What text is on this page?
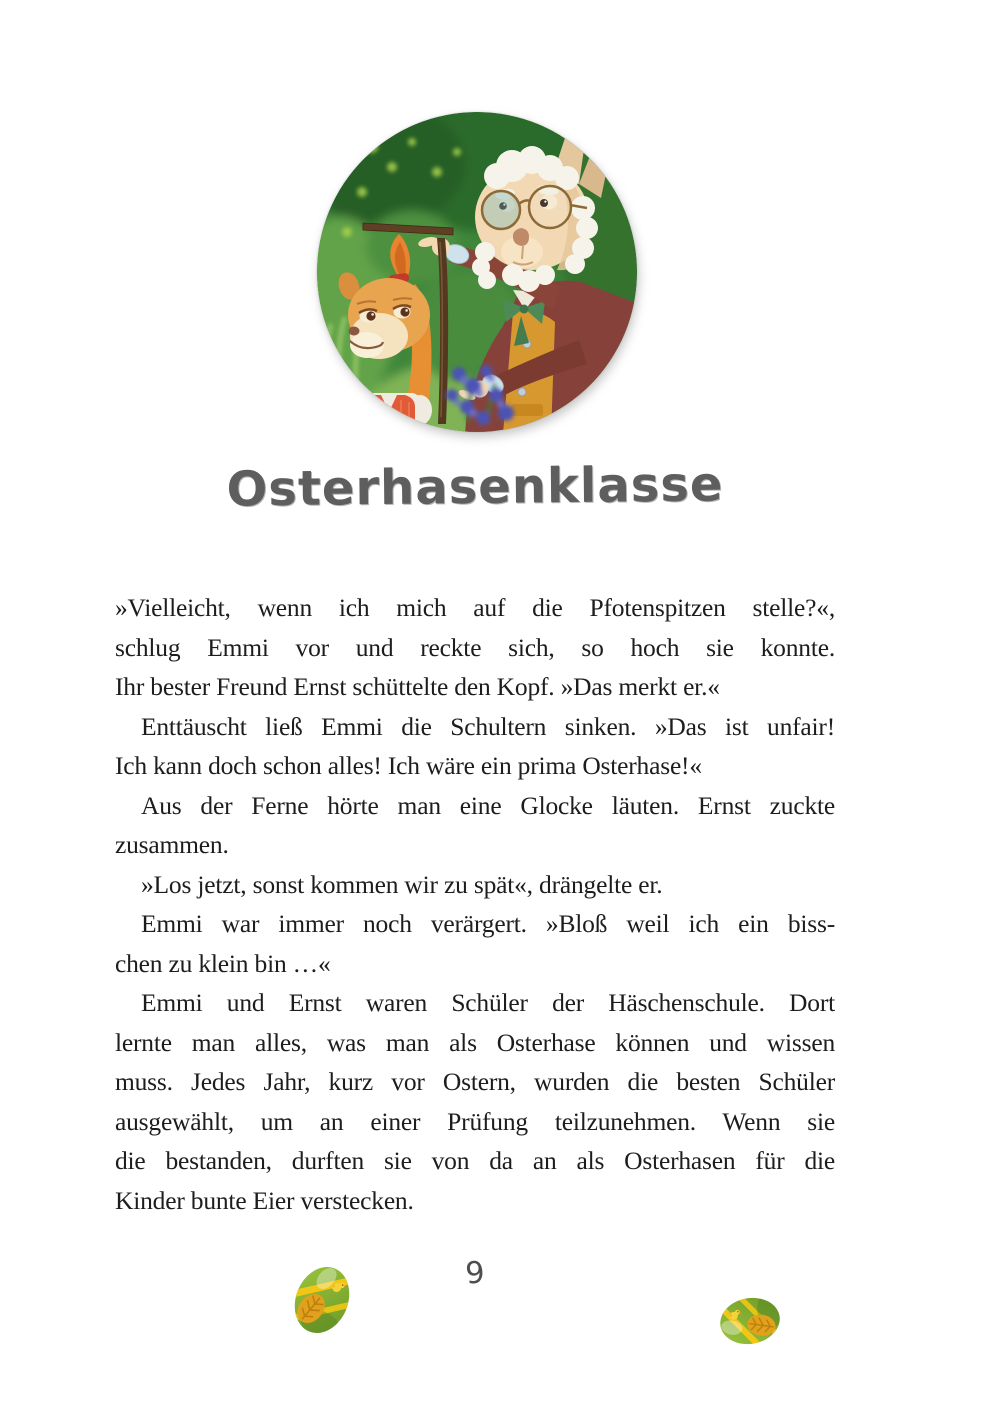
Osterhasenklasse
»Vielleicht, wenn ich mich auf die Pfotenspitzen stelle?«,
schlug Emmi vor und reckte sich, so hoch sie konnte.
Ihr bester Freund Ernst schüttelte den Kopf. »Das merkt er.«
Enttäuscht ließ Emmi die Schultern sinken. »Das ist unfair!
Ich kann doch schon alles! Ich wäre ein prima Osterhase!«
Aus der Ferne hörte man eine Glocke läuten. Ernst zuckte
zusammen.
»Los jetzt, sonst kommen wir zu spät«, drängelte er.
Emmi war immer noch verärgert. »Bloß weil ich ein biss-
chen zu klein bin …«
Emmi und Ernst waren Schüler der Häschenschule. Dort
lernte man alles, was man als Osterhase können und wissen
muss. Jedes Jahr, kurz vor Ostern, wurden die besten Schüler
ausgewählt, um an einer Prüfung teilzunehmen. Wenn sie
die bestanden, durften sie von da an als Osterhasen für die
Kinder bunte Eier verstecken.
9
